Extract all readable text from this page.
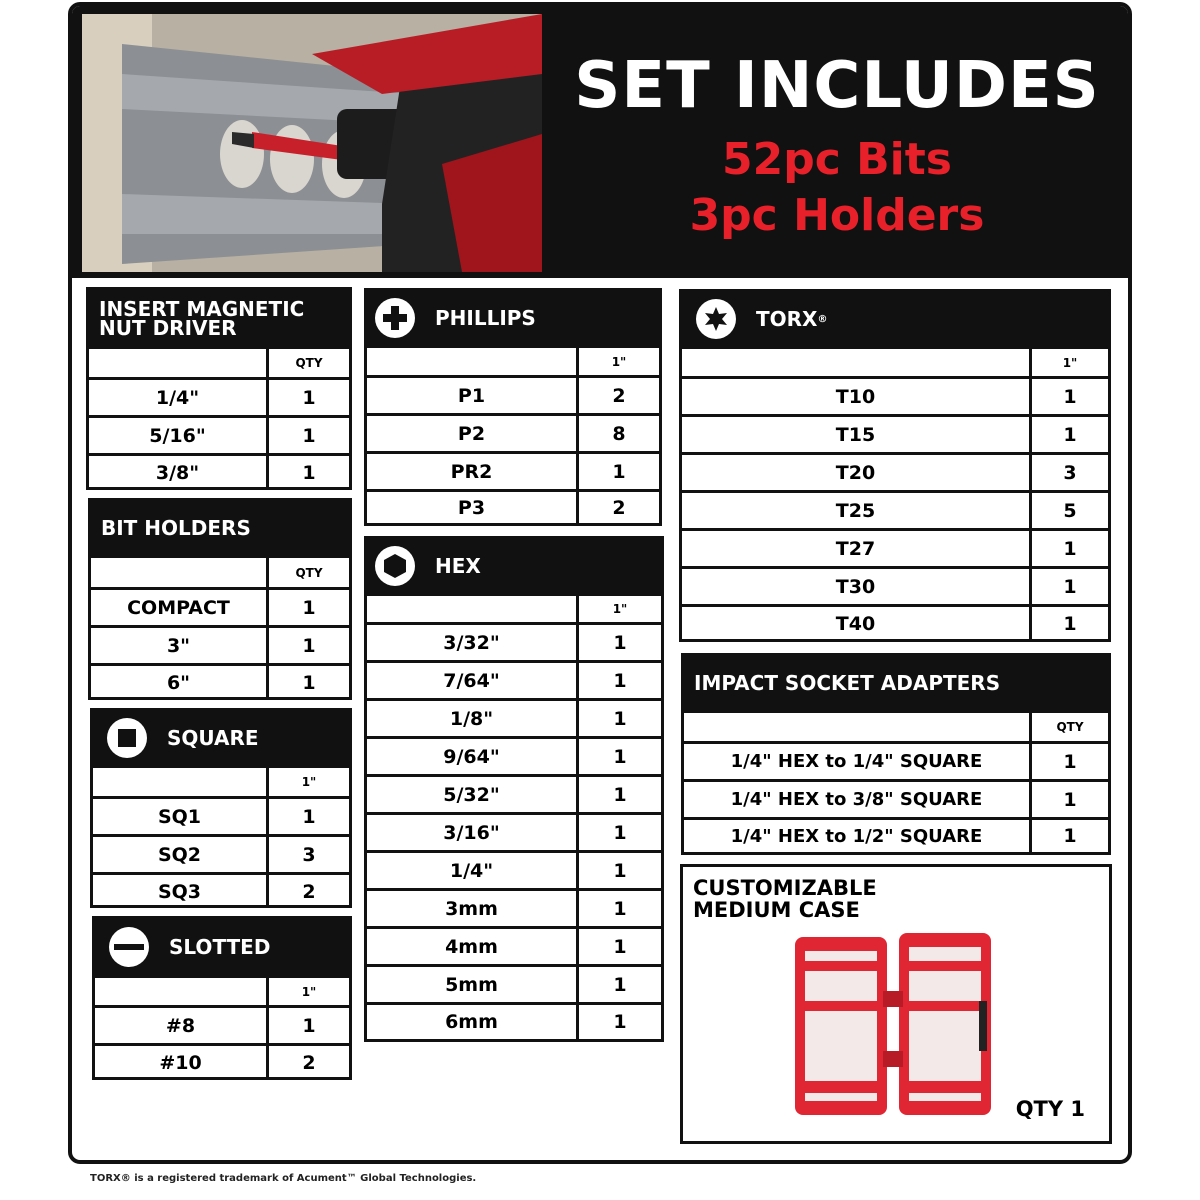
SET INCLUDES
52pc Bits
3pc Holders
INSERT MAGNETIC NUT DRIVER
QTY
1/4"	1
5/16"	1
3/8"	1
BIT HOLDERS
QTY
COMPACT	1
3"	1
6"	1
SQUARE
1"
SQ1	1
SQ2	3
SQ3	2
SLOTTED
1"
#8	1
#10	2
PHILLIPS
1"
P1	2
P2	8
PR2	1
P3	2
HEX
1"
3/32"	1
7/64"	1
1/8"	1
9/64"	1
5/32"	1
3/16"	1
1/4"	1
3mm	1
4mm	1
5mm	1
6mm	1
TORX ®
1"
T10	1
T15	1
T20	3
T25	5
T27	1
T30	1
T40	1
IMPACT SOCKET ADAPTERS
QTY
1/4" HEX to 1/4" SQUARE	1
1/4" HEX to 3/8" SQUARE	1
1/4" HEX to 1/2" SQUARE	1
CUSTOMIZABLE MEDIUM CASE
QTY 1
TORX® is a registered trademark of Acument™ Global Technologies.
